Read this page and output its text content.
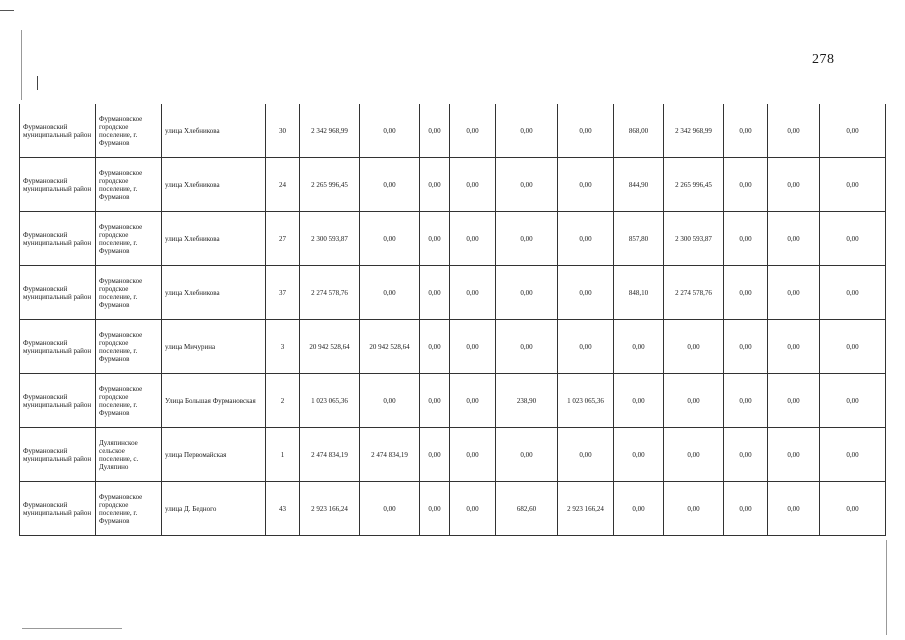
278
Фурмановский муниципальный район	Фурмановское городское поселение, г. Фурманов	улица Хлебникова	30	2 342 968,99	0,00	0,00	0,00	0,00	0,00	868,00	2 342 968,99	0,00	0,00	0,00
Фурмановский муниципальный район	Фурмановское городское поселение, г. Фурманов	улица Хлебникова	24	2 265 996,45	0,00	0,00	0,00	0,00	0,00	844,90	2 265 996,45	0,00	0,00	0,00
Фурмановский муниципальный район	Фурмановское городское поселение, г. Фурманов	улица Хлебникова	27	2 300 593,87	0,00	0,00	0,00	0,00	0,00	857,80	2 300 593,87	0,00	0,00	0,00
Фурмановский муниципальный район	Фурмановское городское поселение, г. Фурманов	улица Хлебникова	37	2 274 578,76	0,00	0,00	0,00	0,00	0,00	848,10	2 274 578,76	0,00	0,00	0,00
Фурмановский муниципальный район	Фурмановское городское поселение, г. Фурманов	улица Мичурина	3	20 942 528,64	20 942 528,64	0,00	0,00	0,00	0,00	0,00	0,00	0,00	0,00	0,00
Фурмановский муниципальный район	Фурмановское городское поселение, г. Фурманов	Улица Большая Фурмановская	2	1 023 065,36	0,00	0,00	0,00	238,90	1 023 065,36	0,00	0,00	0,00	0,00	0,00
Фурмановский муниципальный район	Дуляпинское сельское поселение, с. Дуляпино	улица Первомайская	1	2 474 834,19	2 474 834,19	0,00	0,00	0,00	0,00	0,00	0,00	0,00	0,00	0,00
Фурмановский муниципальный район	Фурмановское городское поселение, г. Фурманов	улица Д. Бедного	43	2 923 166,24	0,00	0,00	0,00	682,60	2 923 166,24	0,00	0,00	0,00	0,00	0,00
